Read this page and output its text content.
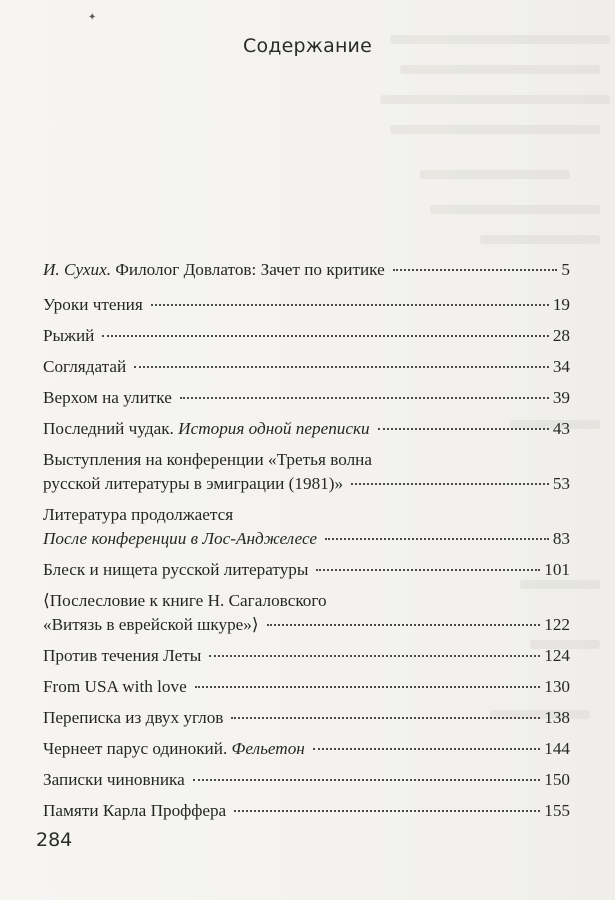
✦
Содержание
И. Сухих. Филолог Довлатов: Зачет по критике	5
Уроки чтения	19
Рыжий	28
Соглядатай	34
Верхом на улитке	39
Последний чудак. История одной переписки	43
Выступления на конференции «Третья волна
русской литературы в эмиграции (1981)»	53
Литература продолжается
После конференции в Лос-Анджелесе	83
Блеск и нищета русской литературы	101
⟨Послесловие к книге Н. Сагаловского
«Витязь в еврейской шкуре»⟩	122
Против течения Леты	124
From USA with love	130
Переписка из двух углов	138
Чернеет парус одинокий. Фельетон	144
Записки чиновника	150
Памяти Карла Проффера	155
284
